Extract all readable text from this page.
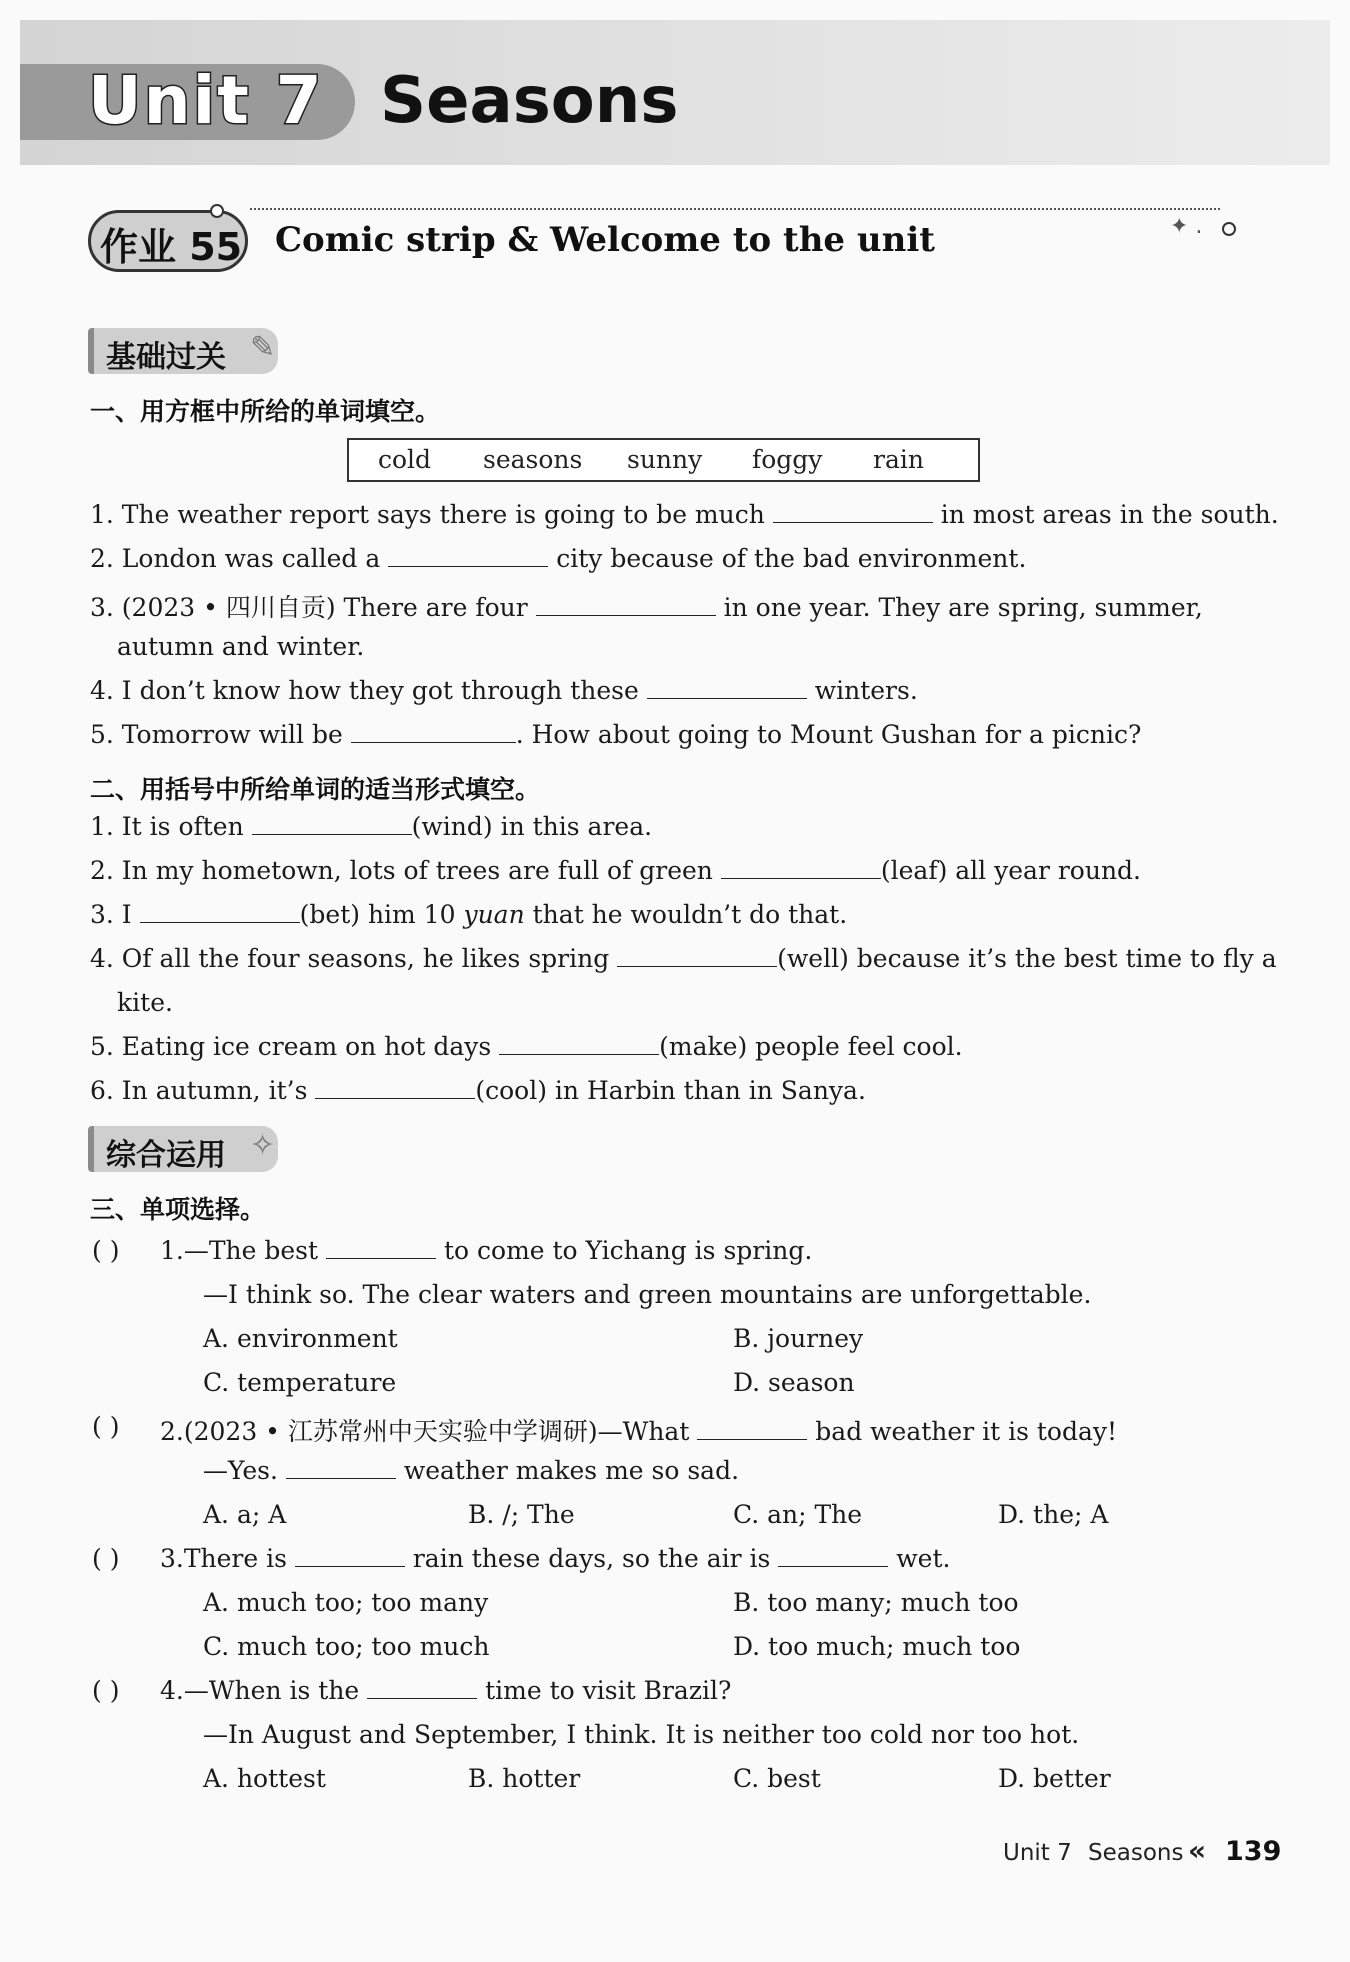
Unit 7 Seasons
作业 55	✦ .
Comic strip & Welcome to the unit
基础过关 ✎
一、用方框中所给的单词填空。
cold seasons sunny foggy rain
1. The weather report says there is going to be much	in most areas in the south.
2. London was called a	city because of the bad environment.
3. (2023 • 四川自贡) There are four	in one year. They are spring, summer,
autumn and winter.
4. I don’t know how they got through these	winters.
5. Tomorrow will be	. How about going to Mount Gushan for a picnic?
二、用括号中所给单词的适当形式填空。
1. It is often	(wind) in this area.
2. In my hometown, lots of trees are full of green	(leaf) all year round.
3. I	(bet) him 10 yuan that he wouldn’t do that.
4. Of all the four seasons, he likes spring	(well) because it’s the best time to fly a
kite.
5. Eating ice cream on hot days	(make) people feel cool.
6. In autumn, it’s	(cool) in Harbin than in Sanya.
综合运用 ✧
三、单项选择。
( ) 1.—The best	to come to Yichang is spring.
—I think so. The clear waters and green mountains are unforgettable.
A. environment	B. journey
C. temperature	D. season
( ) 2.(2023 • 江苏常州中天实验中学调研)—What	bad weather it is today!
—Yes.	weather makes me so sad.
A. a; A	B. /; The	C. an; The	D. the; A
( ) 3.There is	rain these days, so the air is	wet.
A. much too; too many	B. too many; much too
C. much too; too much	D. too much; much too
( ) 4.—When is the	time to visit Brazil?
—In August and September, I think. It is neither too cold nor too hot.
A. hottest	B. hotter	C. best	D. better
Unit 7 Seasons « 139
